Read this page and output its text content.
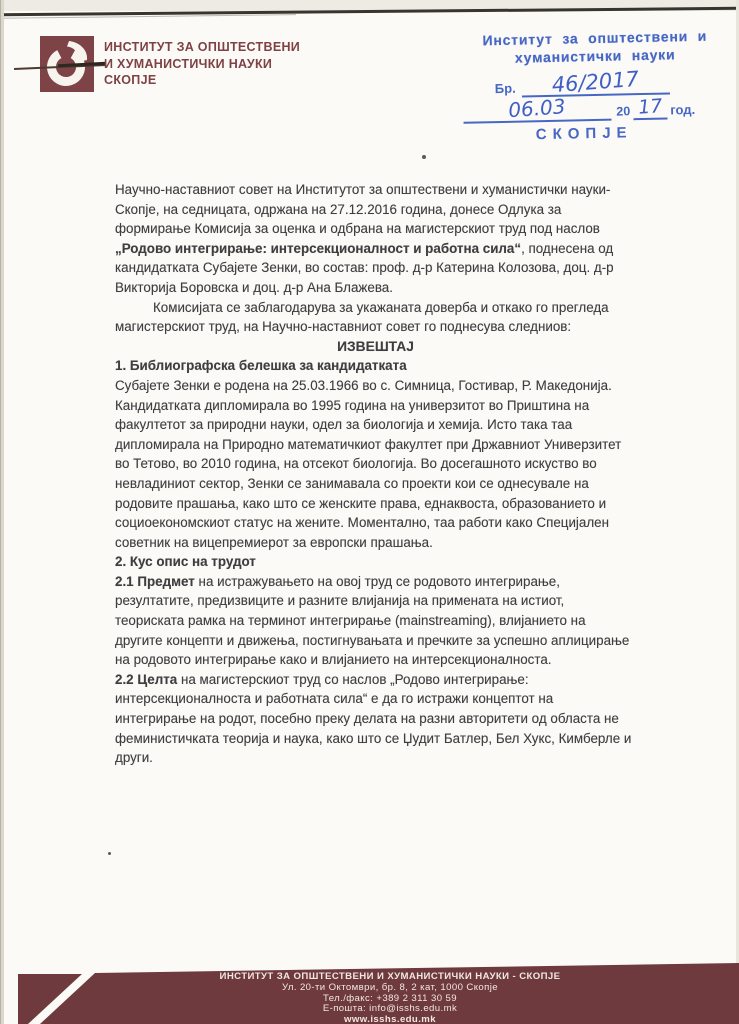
ИНСТИТУТ ЗА ОПШТЕСТВЕНИ
И ХУМАНИСТИЧКИ НАУКИ
СКОПЈЕ
Институт за општествени и
хуманистички науки
Бр.	46/2017
06.03	20 17 год.
СКОПЈЕ

Научно-наставниот совет на Институтот за општествени и хуманистички науки-Скопје, на седницата, одржана на 27.12.2016 година, донесе Одлука за формирање Комисија за оценка и одбрана на магистерскиот труд под наслов „Родово интегрирање: интерсекционалност и работна сила“, поднесена од кандидатката Субајете Зенки, во состав: проф. д-р Катерина Колозова, доц. д-р Викторија Боровска и доц. д-р Ана Блажева.

Комисијата се заблагодарува за укажаната доверба и откако го прегледа магистерскиот труд, на Научно-наставниот совет го поднесува следниов:

ИЗВЕШТАЈ

1. Библиографска белешка за кандидатката

Субајете Зенки е родена на 25.03.1966 во с. Симница, Гостивар, Р. Македонија. Кандидатката дипломирала во 1995 година на универзитот во Приштина на факултетот за природни науки, одел за биологија и хемија. Исто така таа дипломирала на Природно математичкиот факултет при Државниот Универзитет во Тетово, во 2010 година, на отсекот биологија. Во досегашното искуство во невладиниот сектор, Зенки се занимавала со проекти кои се однесувале на родовите прашања, како што се женските права, еднаквоста, образованието и социоекономскиот статус на жените. Моментално, таа работи како Специјален советник на вицепремиерот за европски прашања.

2. Кус опис на трудот

2.1 Предмет на истражувањето на овој труд се родовото интегрирање, резултатите, предизвиците и разните влијанија на примената на истиот, теориската рамка на терминот интегрирање (mainstreaming), влијанието на другите концепти и движења, постигнувањата и пречките за успешно аплицирање на родовото интегрирање како и влијанието на интерсекционалноста.

2.2 Целта на магистерскиот труд со наслов „Родово интегрирање: интерсекционалноста и работната сила“ е да го истражи концептот на интегрирање на родот, посебно преку делата на разни авторитети од областа не феминистичката теорија и наука, како што се Џудит Батлер, Бел Хукс, Кимберле и други.

ИНСТИТУТ ЗА ОПШТЕСТВЕНИ И ХУМАНИСТИЧКИ НАУКИ - СКОПЈЕ
Ул. 20-ти Октомври, бр. 8, 2 кат, 1000 Скопје
Тел./факс: +389 2 311 30 59
Е-пошта: info@isshs.edu.mk
www.isshs.edu.mk
